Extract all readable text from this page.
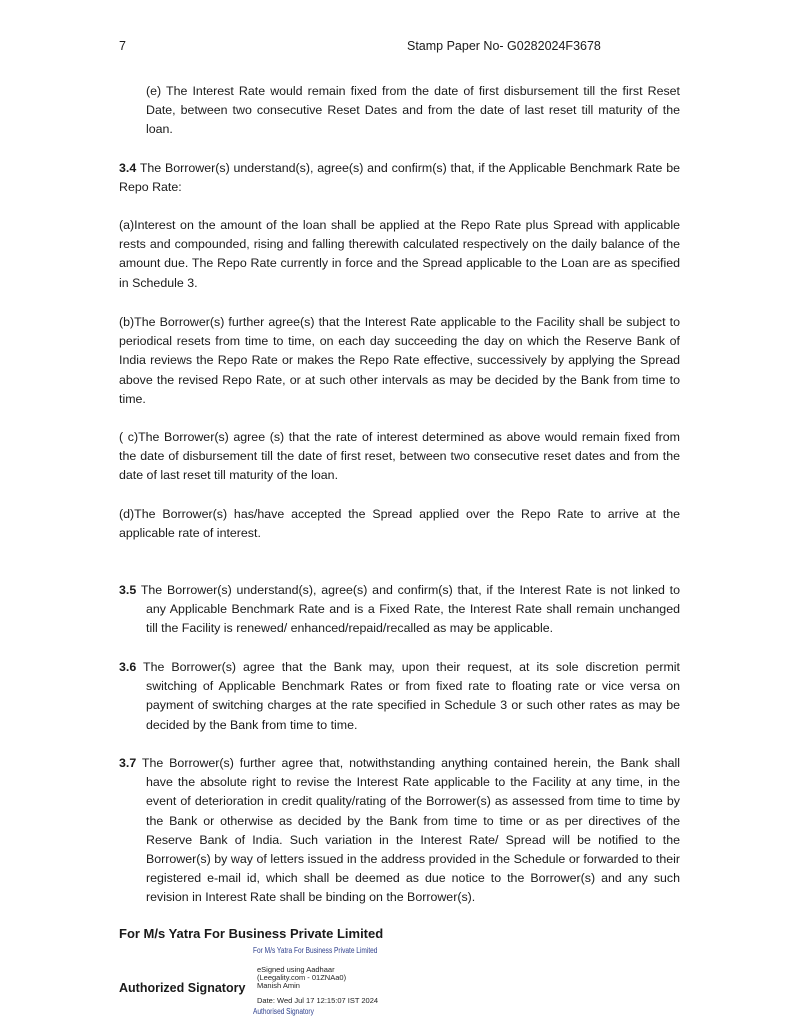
7	Stamp Paper No- G0282024F3678

(e) The Interest Rate would remain fixed from the date of first disbursement till the first Reset Date, between two consecutive Reset Dates and from the date of last reset till maturity of the loan.

3.4 The Borrower(s) understand(s), agree(s) and confirm(s) that, if the Applicable Benchmark Rate be Repo Rate:

(a)Interest on the amount of the loan shall be applied at the Repo Rate plus Spread with applicable rests and compounded, rising and falling therewith calculated respectively on the daily balance of the amount due. The Repo Rate currently in force and the Spread applicable to the Loan are as specified in Schedule 3.

(b)The Borrower(s) further agree(s) that the Interest Rate applicable to the Facility shall be subject to periodical resets from time to time, on each day succeeding the day on which the Reserve Bank of India reviews the Repo Rate or makes the Repo Rate effective, successively by applying the Spread above the revised Repo Rate, or at such other intervals as may be decided by the Bank from time to time.

( c)The Borrower(s) agree (s) that the rate of interest determined as above would remain fixed from the date of disbursement till the date of first reset, between two consecutive reset dates and from the date of last reset till maturity of the loan.

(d)The Borrower(s) has/have accepted the Spread applied over the Repo Rate to arrive at the applicable rate of interest.

3.5 The Borrower(s) understand(s), agree(s) and confirm(s) that, if the Interest Rate is not linked to any Applicable Benchmark Rate and is a Fixed Rate, the Interest Rate shall remain unchanged till the Facility is renewed/ enhanced/repaid/recalled as may be applicable.

3.6 The Borrower(s) agree that the Bank may, upon their request, at its sole discretion permit switching of Applicable Benchmark Rates or from fixed rate to floating rate or vice versa on payment of switching charges at the rate specified in Schedule 3 or such other rates as may be decided by the Bank from time to time.

3.7 The Borrower(s) further agree that, notwithstanding anything contained herein, the Bank shall have the absolute right to revise the Interest Rate applicable to the Facility at any time, in the event of deterioration in credit quality/rating of the Borrower(s) as assessed from time to time by the Bank or otherwise as decided by the Bank from time to time or as per directives of the Reserve Bank of India. Such variation in the Interest Rate/ Spread will be notified to the Borrower(s) by way of letters issued in the address provided in the Schedule or forwarded to their registered e-mail id, which shall be deemed as due notice to the Borrower(s) and any such revision in Interest Rate shall be binding on the Borrower(s).

For M/s Yatra For Business Private Limited
For M/s Yatra For Business Private Limited
eSigned using Aadhaar
(Leegality.com - 01ZNAa0)
Manish Amin
Date: Wed Jul 17 12:15:07 IST 2024
Authorized Signatory
Authorised Signatory
